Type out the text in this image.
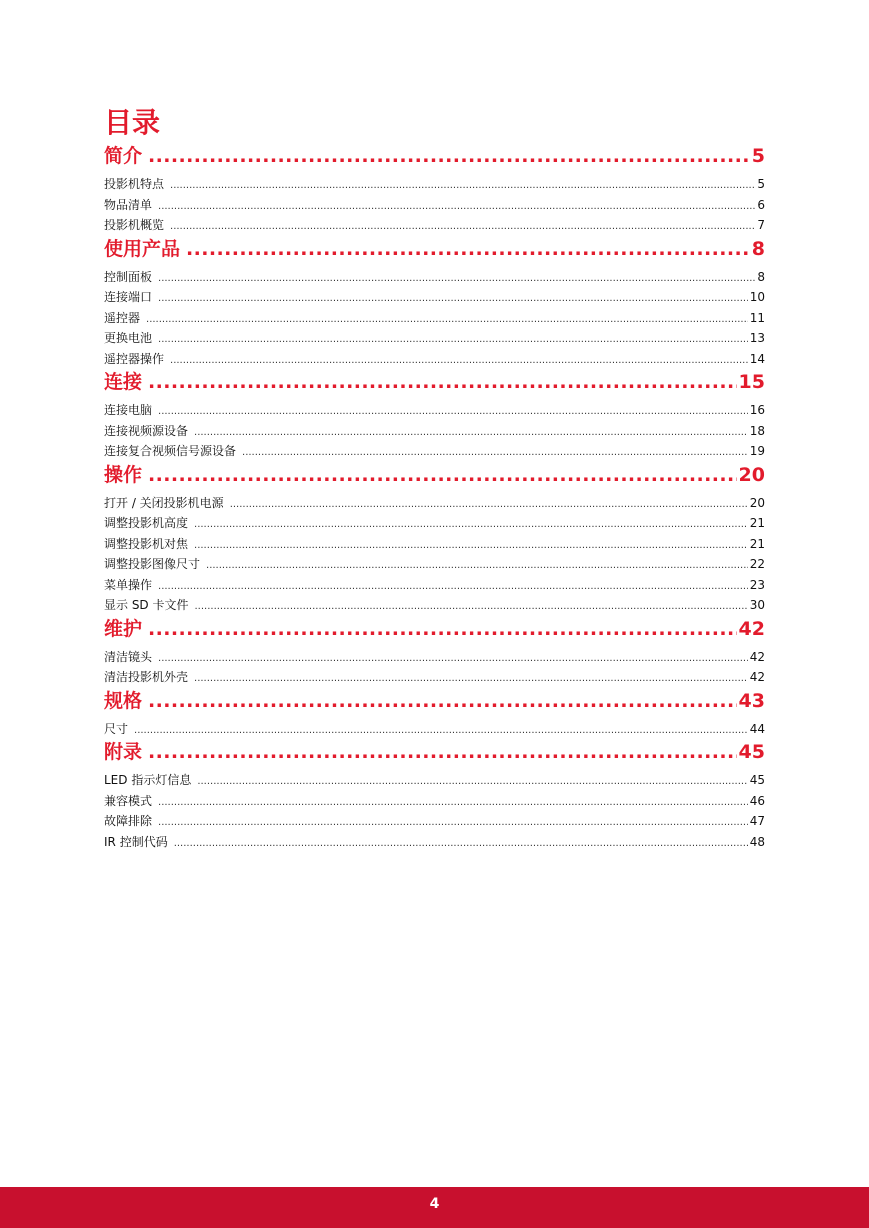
目录
简介 .....	5
投影机特点 .....	5
物品清单 .....	6
投影机概览 .....	7
使用产品 .....	8
控制面板 .....	8
连接端口 .....	10
遥控器 .....	11
更换电池 .....	13
遥控器操作 .....	14
连接 .....	15
连接电脑 .....	16
连接视频源设备 .....	18
连接复合视频信号源设备 .....	19
操作 .....	20
打开 / 关闭投影机电源 .....	20
调整投影机高度 .....	21
调整投影机对焦 .....	21
调整投影图像尺寸 .....	22
菜单操作 .....	23
显示 SD 卡文件 .....	30
维护 .....	42
清洁镜头 .....	42
清洁投影机外壳 .....	42
规格 .....	43
尺寸 .....	44
附录 .....	45
LED 指示灯信息 .....	45
兼容模式 .....	46
故障排除 .....	47
IR 控制代码 .....	48
4
